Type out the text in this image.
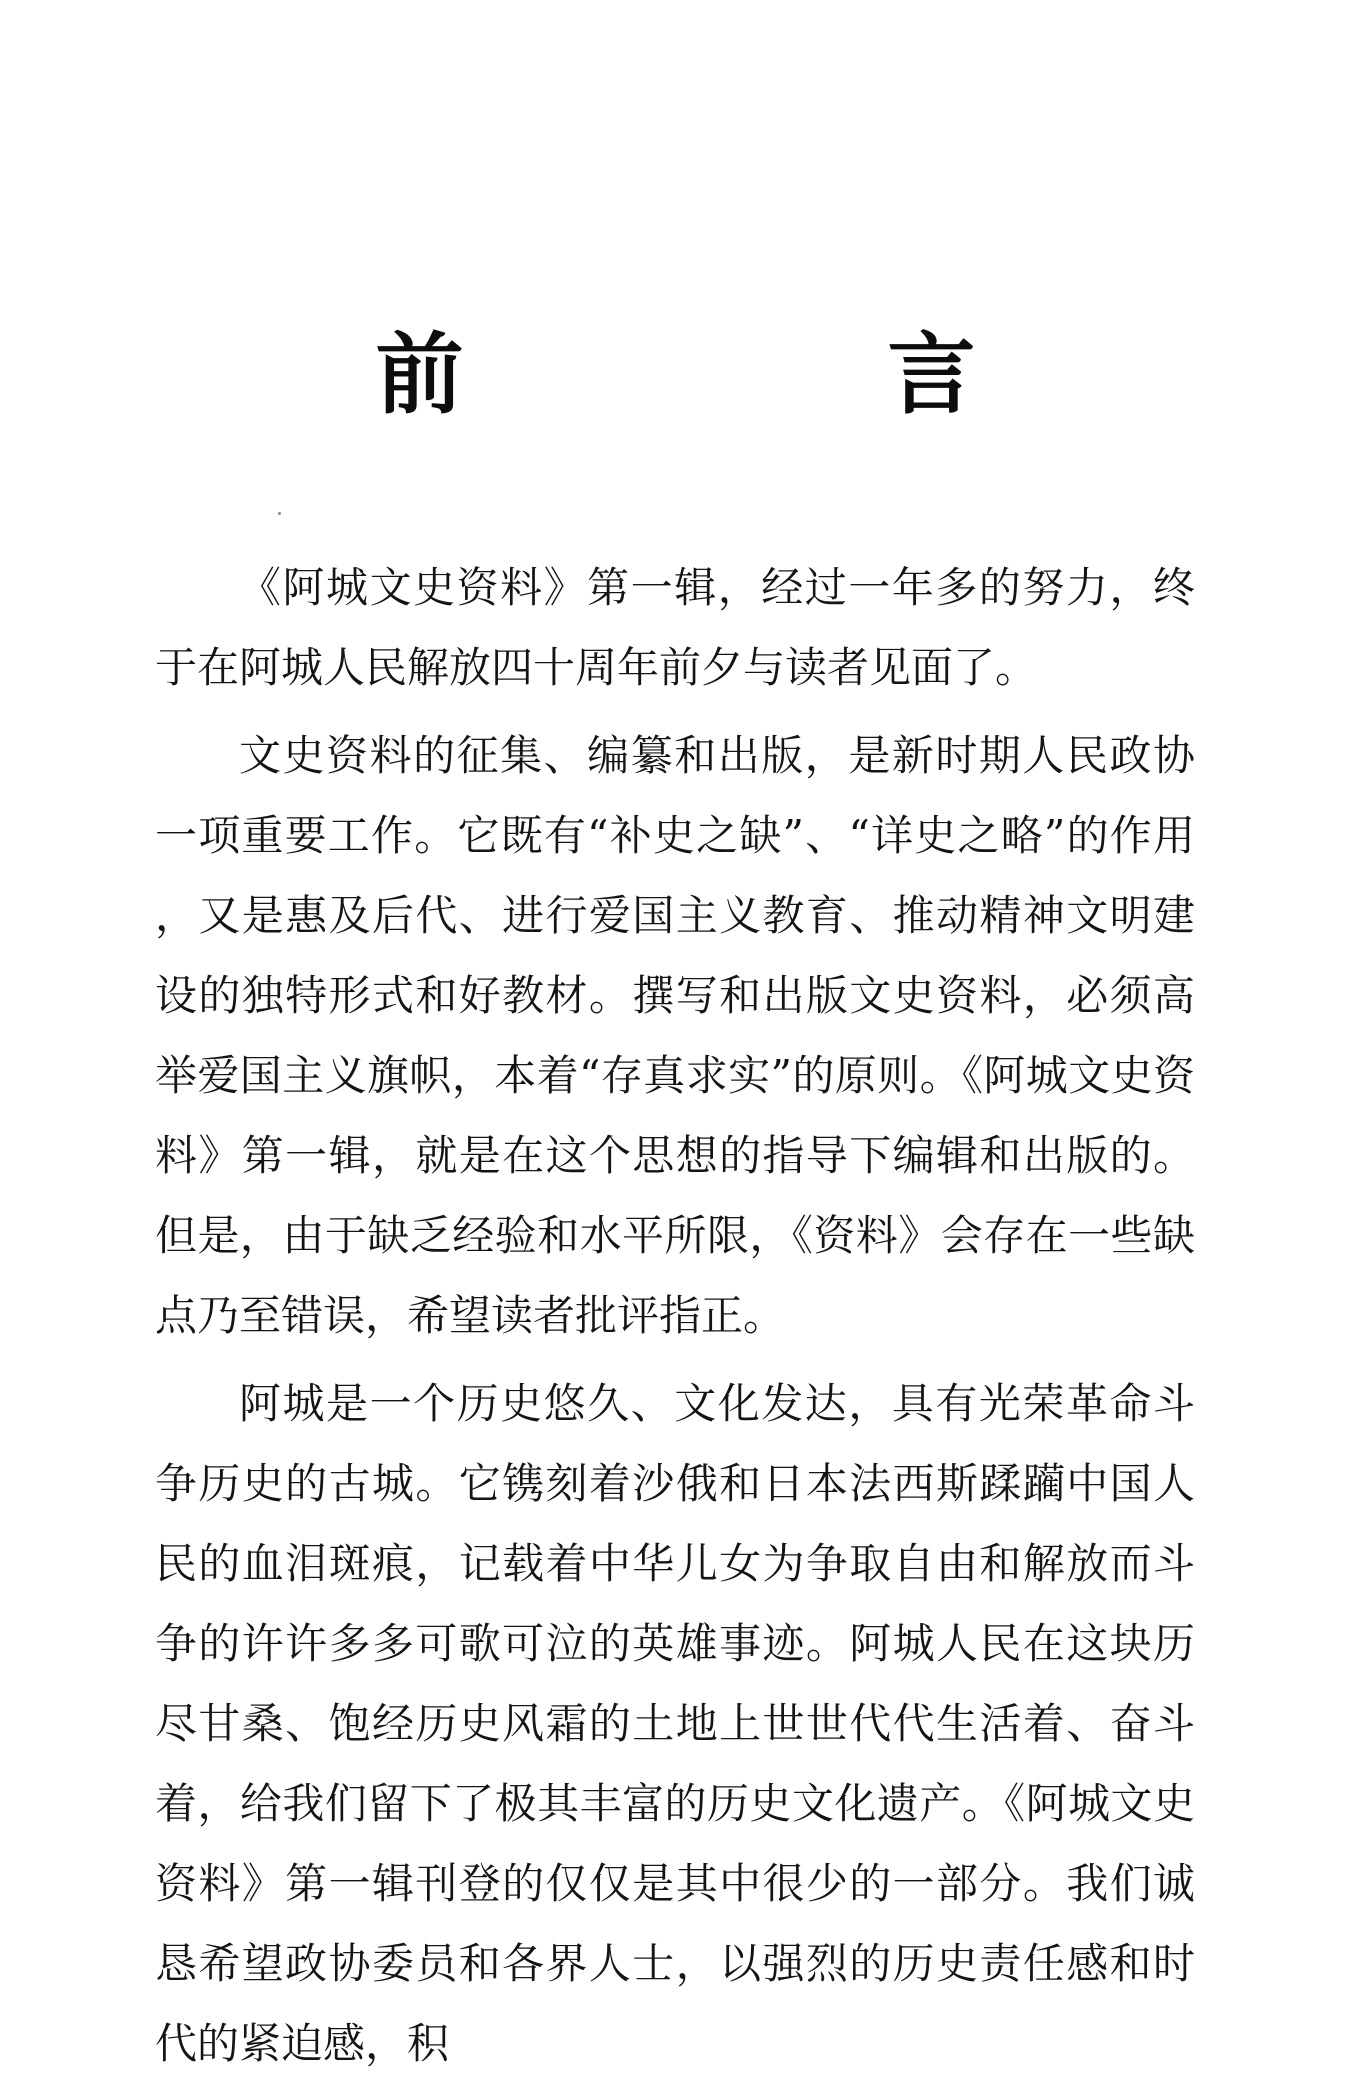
前　言

《阿城文史资料》第一辑，经过一年多的努力，终于在阿城人民解放四十周年前夕与读者见面了。

文史资料的征集、编纂和出版，是新时期人民政协一项重要工作。它既有“补史之缺”、“详史之略”的作用，又是惠及后代、进行爱国主义教育、推动精神文明建设的独特形式和好教材。撰写和出版文史资料，必须高举爱国主义旗帜，本着“存真求实”的原则。《阿城文史资料》第一辑，就是在这个思想的指导下编辑和出版的。但是，由于缺乏经验和水平所限，《资料》会存在一些缺点乃至错误，希望读者批评指正。

阿城是一个历史悠久、文化发达，具有光荣革命斗争历史的古城。它镌刻着沙俄和日本法西斯蹂躏中国人民的血泪斑痕，记载着中华儿女为争取自由和解放而斗争的许许多多可歌可泣的英雄事迹。阿城人民在这块历尽甘桑、饱经历史风霜的土地上世世代代生活着、奋斗着，给我们留下了极其丰富的历史文化遗产。《阿城文史资料》第一辑刊登的仅仅是其中很少的一部分。我们诚恳希望政协委员和各界人士，以强烈的历史责任感和时代的紧迫感，积
